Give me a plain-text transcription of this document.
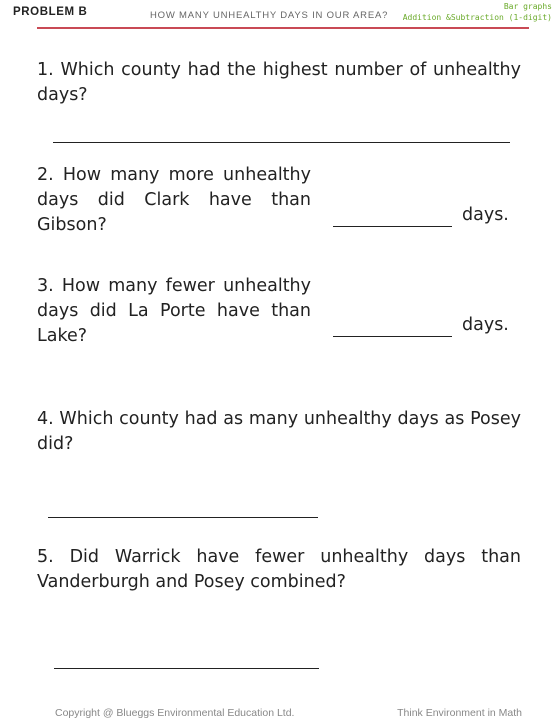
PROBLEM B	HOW MANY UNHEALTHY DAYS IN OUR AREA?
Bar graphs
Addition &Subtraction (1-digit)
1. Which county had the highest number of unhealthy days?
2. How many more unhealthy days did Clark have than Gibson?	days.
3. How many fewer unhealthy days did La Porte have than Lake?
days.
4. Which county had as many unhealthy days as Posey did?
5. Did Warrick have fewer unhealthy days than Vanderburgh and Posey combined?
Copyright @ Blueggs Environmental Education Ltd.	Think Environment in Math
